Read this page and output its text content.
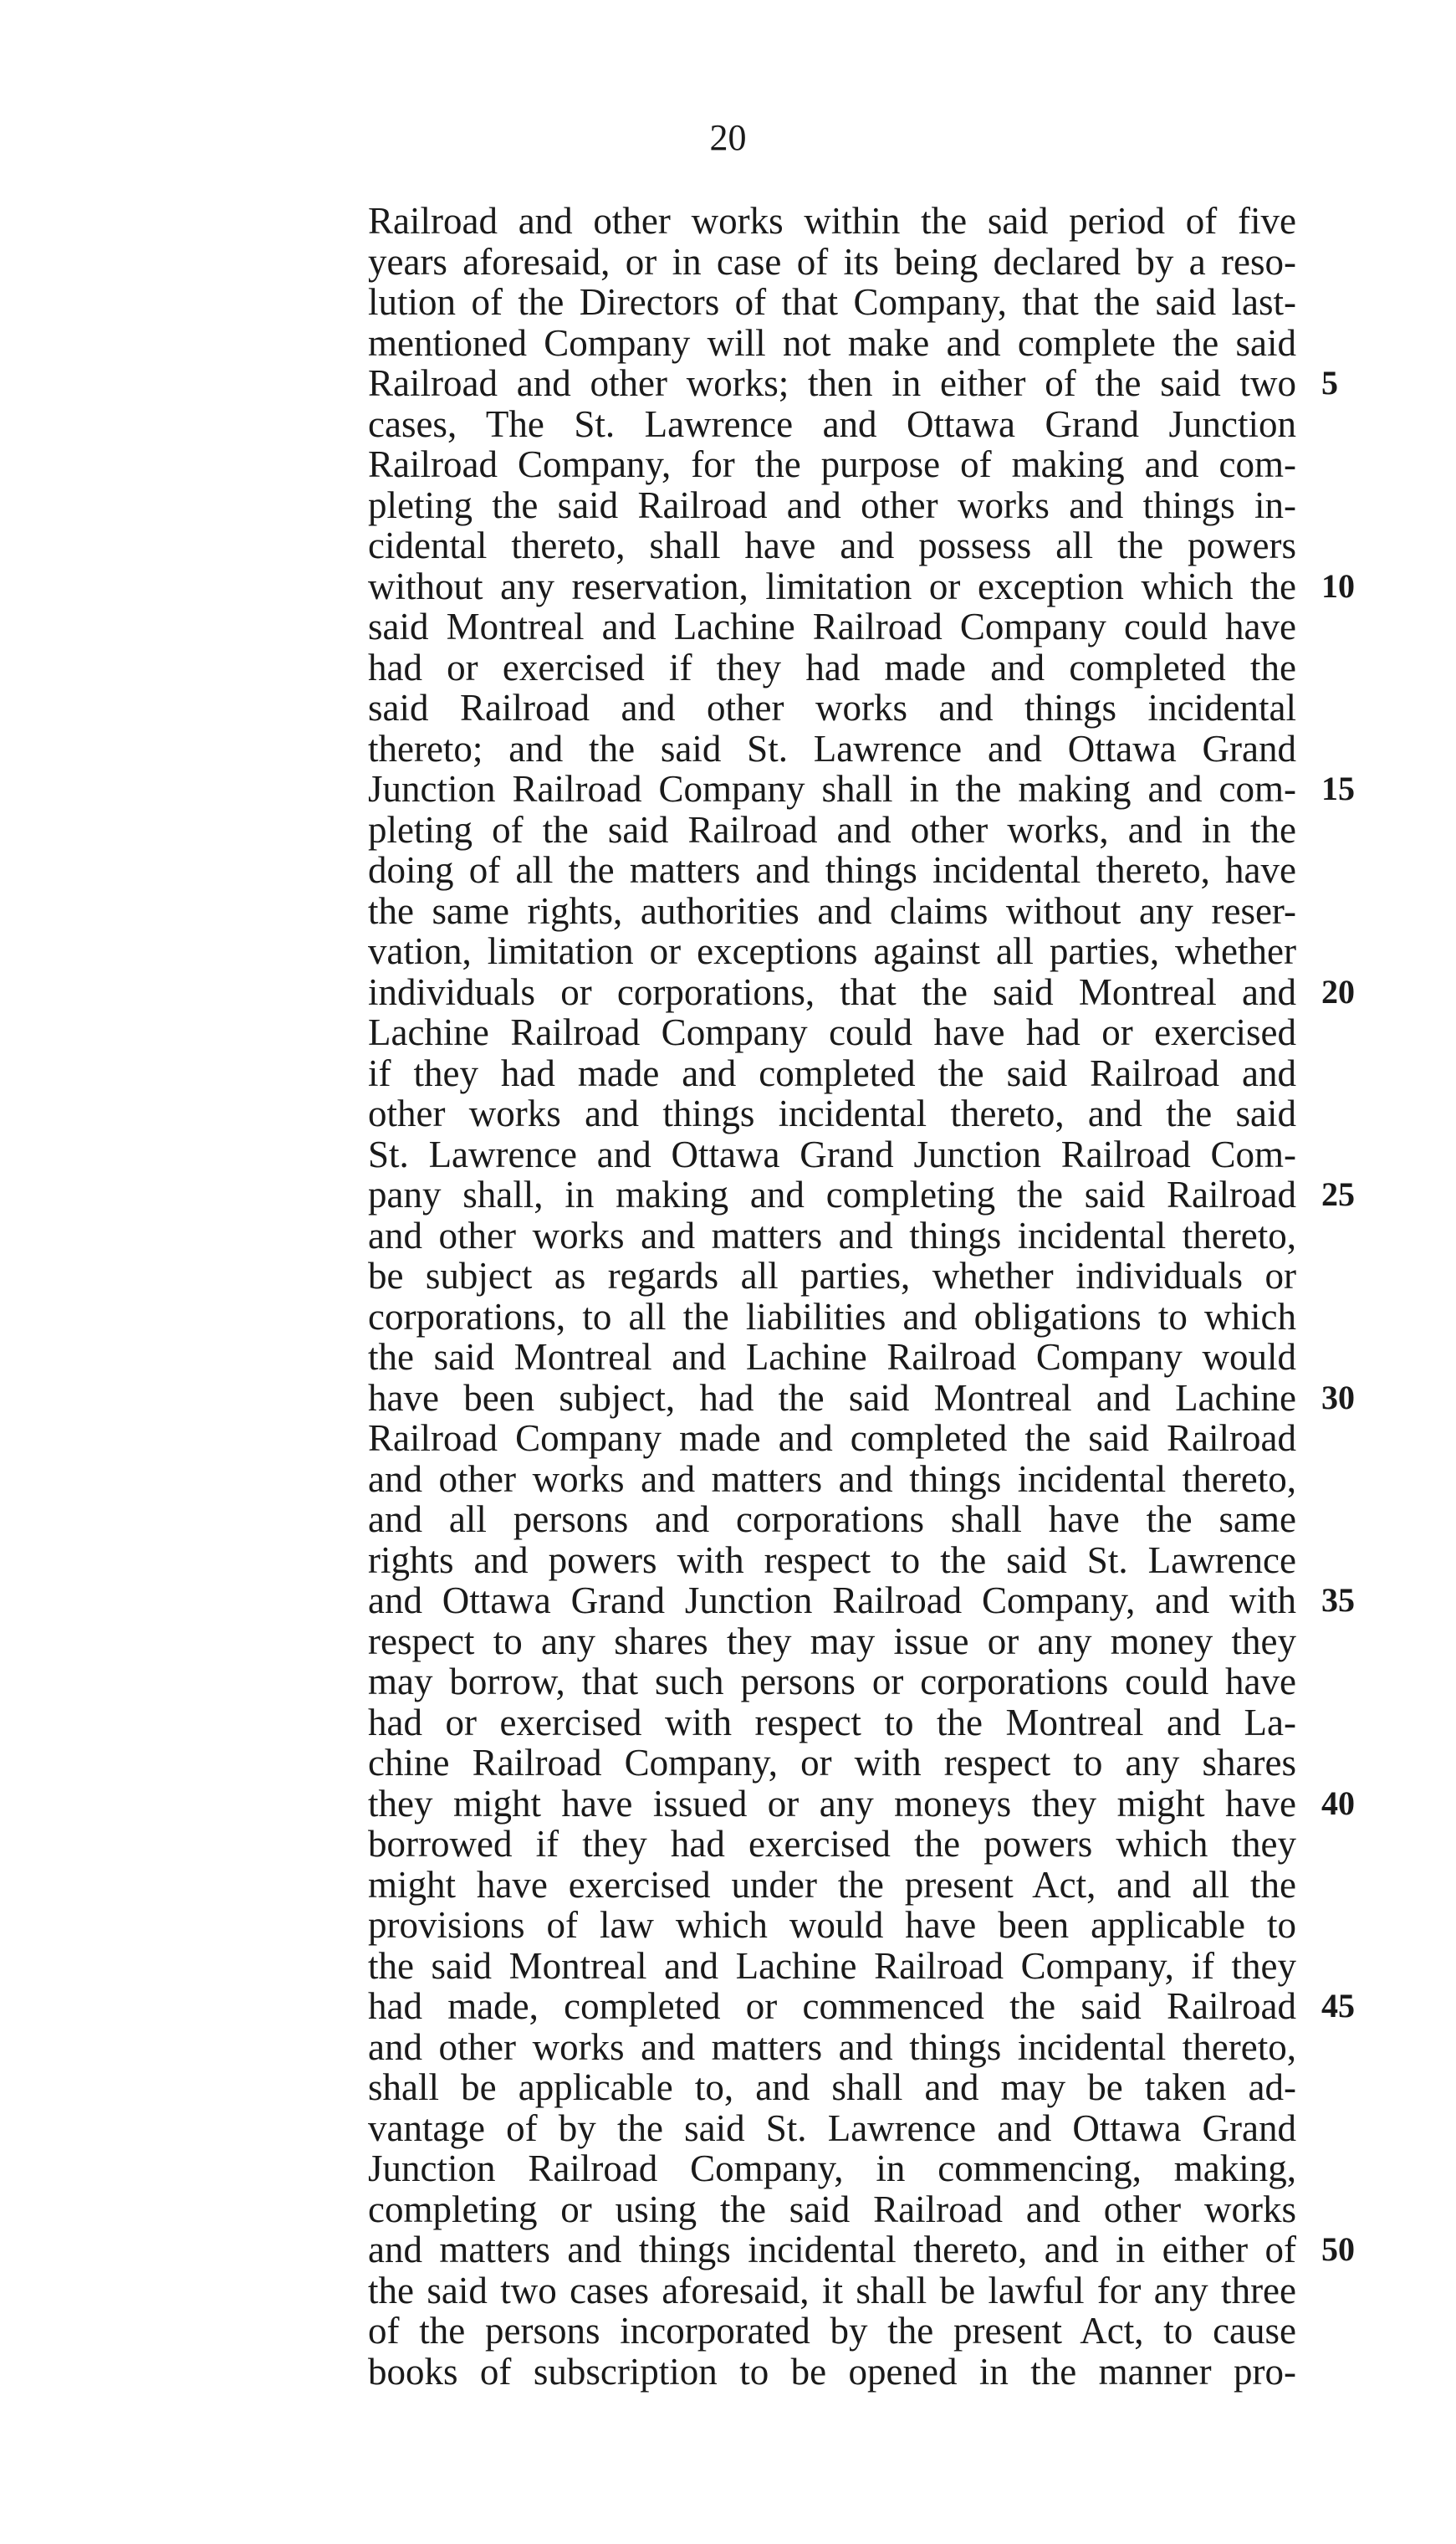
20
Railroad and other works within the said period of five
years aforesaid, or in case of its being declared by a reso-
lution of the Directors of that Company, that the said last-
mentioned Company will not make and complete the said
Railroad and other works; then in either of the said two 5
cases, The St. Lawrence and Ottawa Grand Junction
Railroad Company, for the purpose of making and com-
pleting the said Railroad and other works and things in-
cidental thereto, shall have and possess all the powers
without any reservation, limitation or exception which the 10
said Montreal and Lachine Railroad Company could have
had or exercised if they had made and completed the
said Railroad and other works and things incidental
thereto; and the said St. Lawrence and Ottawa Grand
Junction Railroad Company shall in the making and com- 15
pleting of the said Railroad and other works, and in the
doing of all the matters and things incidental thereto, have
the same rights, authorities and claims without any reser-
vation, limitation or exceptions against all parties, whether
individuals or corporations, that the said Montreal and 20
Lachine Railroad Company could have had or exercised
if they had made and completed the said Railroad and
other works and things incidental thereto, and the said
St. Lawrence and Ottawa Grand Junction Railroad Com-
pany shall, in making and completing the said Railroad 25
and other works and matters and things incidental thereto,
be subject as regards all parties, whether individuals or
corporations, to all the liabilities and obligations to which
the said Montreal and Lachine Railroad Company would
have been subject, had the said Montreal and Lachine 30
Railroad Company made and completed the said Railroad
and other works and matters and things incidental thereto,
and all persons and corporations shall have the same
rights and powers with respect to the said St. Lawrence
and Ottawa Grand Junction Railroad Company, and with 35
respect to any shares they may issue or any money they
may borrow, that such persons or corporations could have
had or exercised with respect to the Montreal and La-
chine Railroad Company, or with respect to any shares
they might have issued or any moneys they might have 40
borrowed if they had exercised the powers which they
might have exercised under the present Act, and all the
provisions of law which would have been applicable to
the said Montreal and Lachine Railroad Company, if they
had made, completed or commenced the said Railroad 45
and other works and matters and things incidental thereto,
shall be applicable to, and shall and may be taken ad-
vantage of by the said St. Lawrence and Ottawa Grand
Junction Railroad Company, in commencing, making,
completing or using the said Railroad and other works
and matters and things incidental thereto, and in either of 50
the said two cases aforesaid, it shall be lawful for any three
of the persons incorporated by the present Act, to cause
books of subscription to be opened in the manner pro-
